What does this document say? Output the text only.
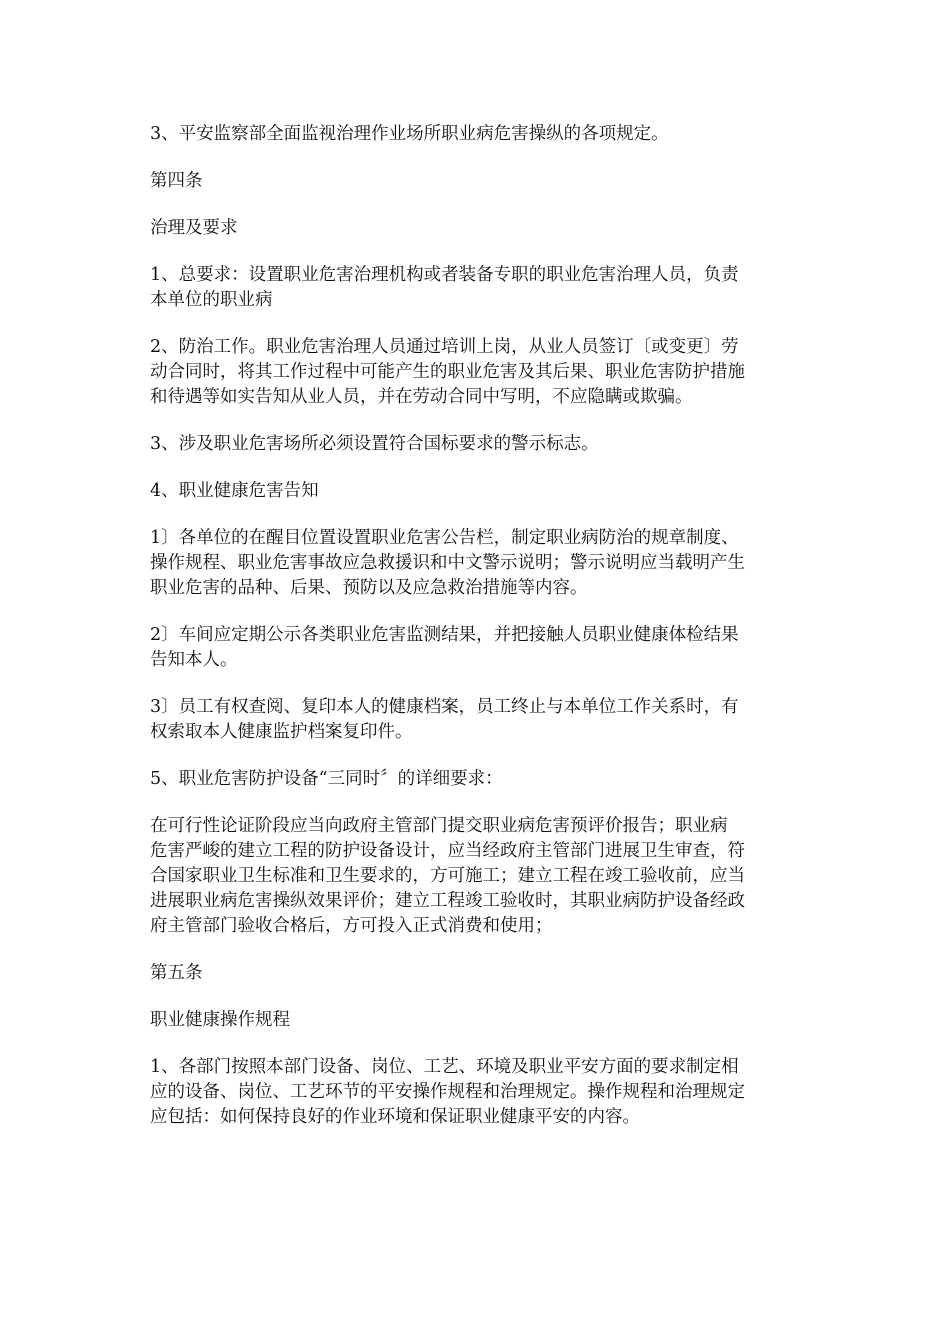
3、平安监察部全面监视治理作业场所职业病危害操纵的各项规定。

第四条

治理及要求

1、总要求：设置职业危害治理机构或者装备专职的职业危害治理人员，负责
本单位的职业病

2、防治工作。职业危害治理人员通过培训上岗，从业人员签订〔或变更〕劳
动合同时，将其工作过程中可能产生的职业危害及其后果、职业危害防护措施
和待遇等如实告知从业人员，并在劳动合同中写明，不应隐瞒或欺骗。

3、涉及职业危害场所必须设置符合国标要求的警示标志。

4、职业健康危害告知

1〕各单位的在醒目位置设置职业危害公告栏，制定职业病防治的规章制度、
操作规程、职业危害事故应急救援识和中文警示说明；警示说明应当载明产生
职业危害的品种、后果、预防以及应急救治措施等内容。

2〕车间应定期公示各类职业危害监测结果，并把接触人员职业健康体检结果
告知本人。

3〕员工有权查阅、复印本人的健康档案，员工终止与本单位工作关系时，有
权索取本人健康监护档案复印件。

5、职业危害防护设备“三同时〞的详细要求：

在可行性论证阶段应当向政府主管部门提交职业病危害预评价报告；职业病
危害严峻的建立工程的防护设备设计，应当经政府主管部门进展卫生审查，符
合国家职业卫生标准和卫生要求的，方可施工；建立工程在竣工验收前，应当
进展职业病危害操纵效果评价；建立工程竣工验收时，其职业病防护设备经政
府主管部门验收合格后，方可投入正式消费和使用；

第五条

职业健康操作规程

1、各部门按照本部门设备、岗位、工艺、环境及职业平安方面的要求制定相
应的设备、岗位、工艺环节的平安操作规程和治理规定。操作规程和治理规定
应包括：如何保持良好的作业环境和保证职业健康平安的内容。
